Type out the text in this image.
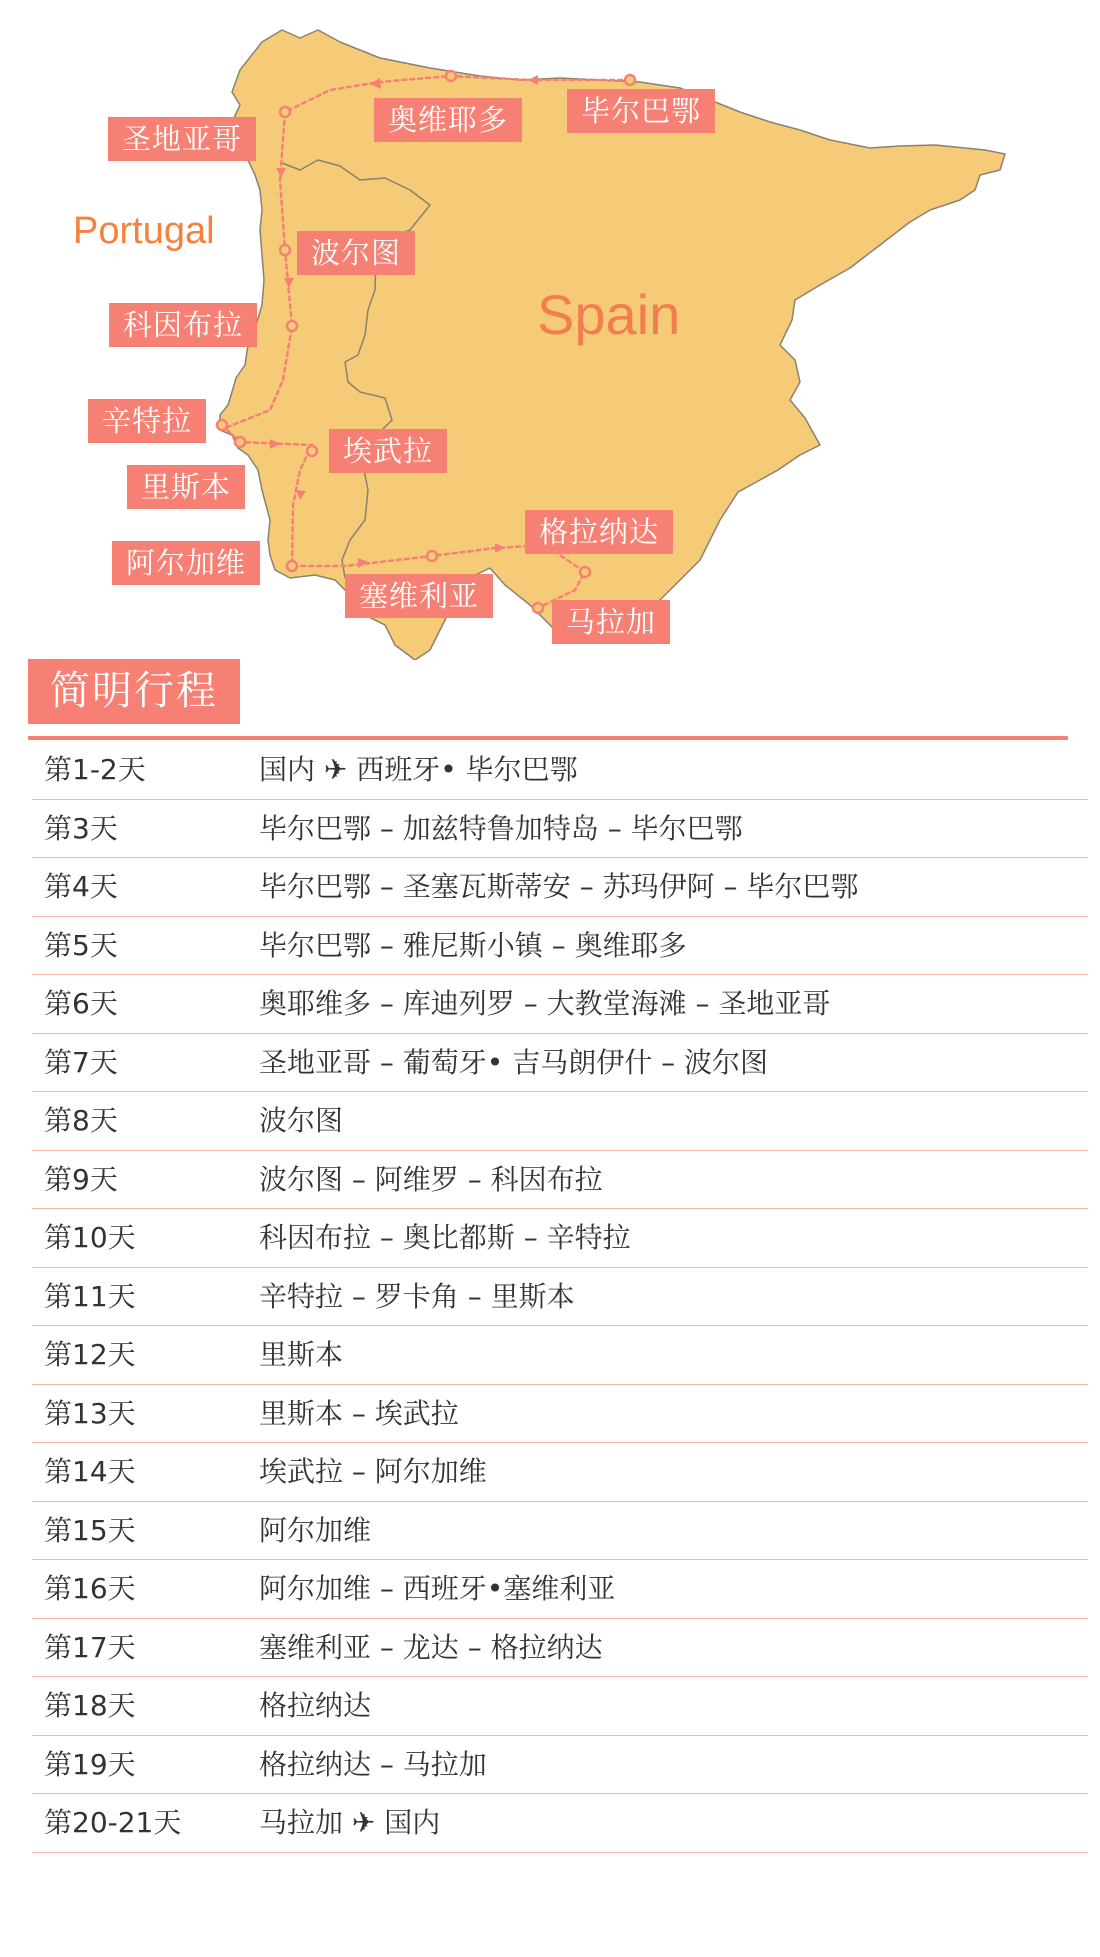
圣地亚哥
奥维耶多	毕尔巴鄂
波尔图
科因布拉
辛特拉
埃武拉
里斯本
阿尔加维
格拉纳达
塞维利亚
马拉加
Portugal
Spain
简明行程
第1-2天	国内 ✈ 西班牙• 毕尔巴鄂
第3天	毕尔巴鄂 – 加兹特鲁加特岛 – 毕尔巴鄂
第4天	毕尔巴鄂 – 圣塞瓦斯蒂安 – 苏玛伊阿 – 毕尔巴鄂
第5天	毕尔巴鄂 – 雅尼斯小镇 – 奥维耶多
第6天	奥耶维多 – 库迪列罗 – 大教堂海滩 – 圣地亚哥
第7天	圣地亚哥 – 葡萄牙• 吉马朗伊什 – 波尔图
第8天	波尔图
第9天	波尔图 – 阿维罗 – 科因布拉
第10天	科因布拉 – 奥比都斯 – 辛特拉
第11天	辛特拉 – 罗卡角 – 里斯本
第12天	里斯本
第13天	里斯本 – 埃武拉
第14天	埃武拉 – 阿尔加维
第15天	阿尔加维
第16天	阿尔加维 – 西班牙•塞维利亚
第17天	塞维利亚 – 龙达 – 格拉纳达
第18天	格拉纳达
第19天	格拉纳达 – 马拉加
第20-21天	马拉加 ✈ 国内
